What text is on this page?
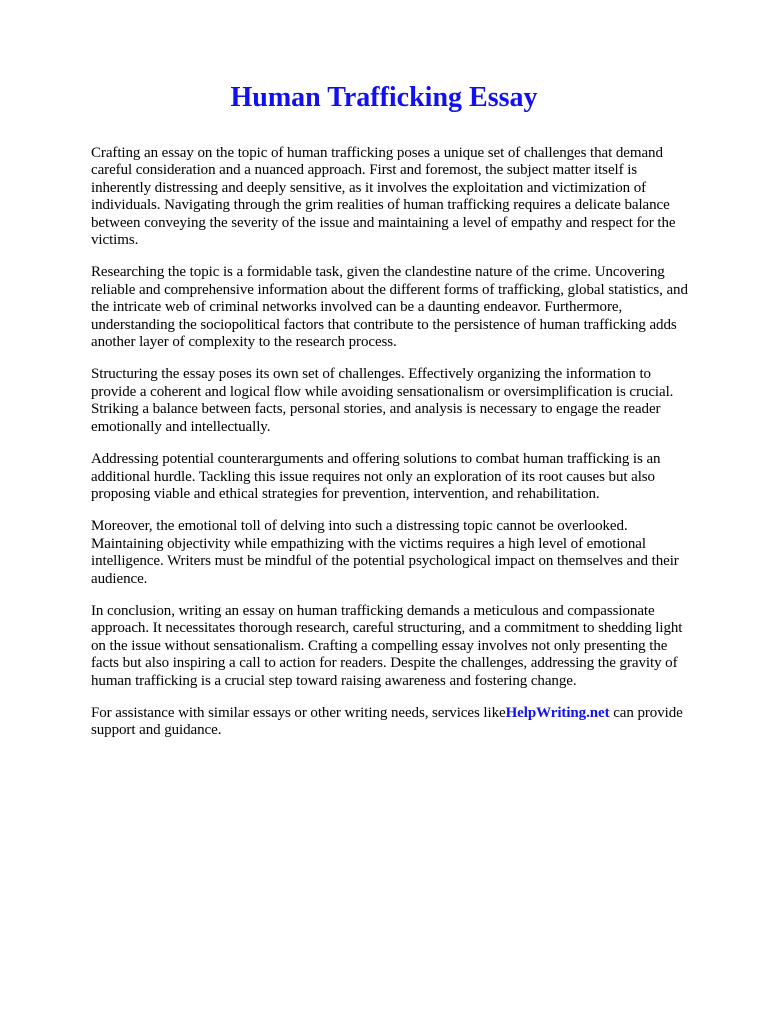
Human Trafficking Essay

Crafting an essay on the topic of human trafficking poses a unique set of challenges that demand careful consideration and a nuanced approach. First and foremost, the subject matter itself is inherently distressing and deeply sensitive, as it involves the exploitation and victimization of individuals. Navigating through the grim realities of human trafficking requires a delicate balance between conveying the severity of the issue and maintaining a level of empathy and respect for the victims.

Researching the topic is a formidable task, given the clandestine nature of the crime. Uncovering reliable and comprehensive information about the different forms of trafficking, global statistics, and the intricate web of criminal networks involved can be a daunting endeavor. Furthermore, understanding the sociopolitical factors that contribute to the persistence of human trafficking adds another layer of complexity to the research process.

Structuring the essay poses its own set of challenges. Effectively organizing the information to provide a coherent and logical flow while avoiding sensationalism or oversimplification is crucial. Striking a balance between facts, personal stories, and analysis is necessary to engage the reader emotionally and intellectually.

Addressing potential counterarguments and offering solutions to combat human trafficking is an additional hurdle. Tackling this issue requires not only an exploration of its root causes but also proposing viable and ethical strategies for prevention, intervention, and rehabilitation.

Moreover, the emotional toll of delving into such a distressing topic cannot be overlooked. Maintaining objectivity while empathizing with the victims requires a high level of emotional intelligence. Writers must be mindful of the potential psychological impact on themselves and their audience.

In conclusion, writing an essay on human trafficking demands a meticulous and compassionate approach. It necessitates thorough research, careful structuring, and a commitment to shedding light on the issue without sensationalism. Crafting a compelling essay involves not only presenting the facts but also inspiring a call to action for readers. Despite the challenges, addressing the gravity of human trafficking is a crucial step toward raising awareness and fostering change.

For assistance with similar essays or other writing needs, services likeHelpWriting.net can provide support and guidance.
